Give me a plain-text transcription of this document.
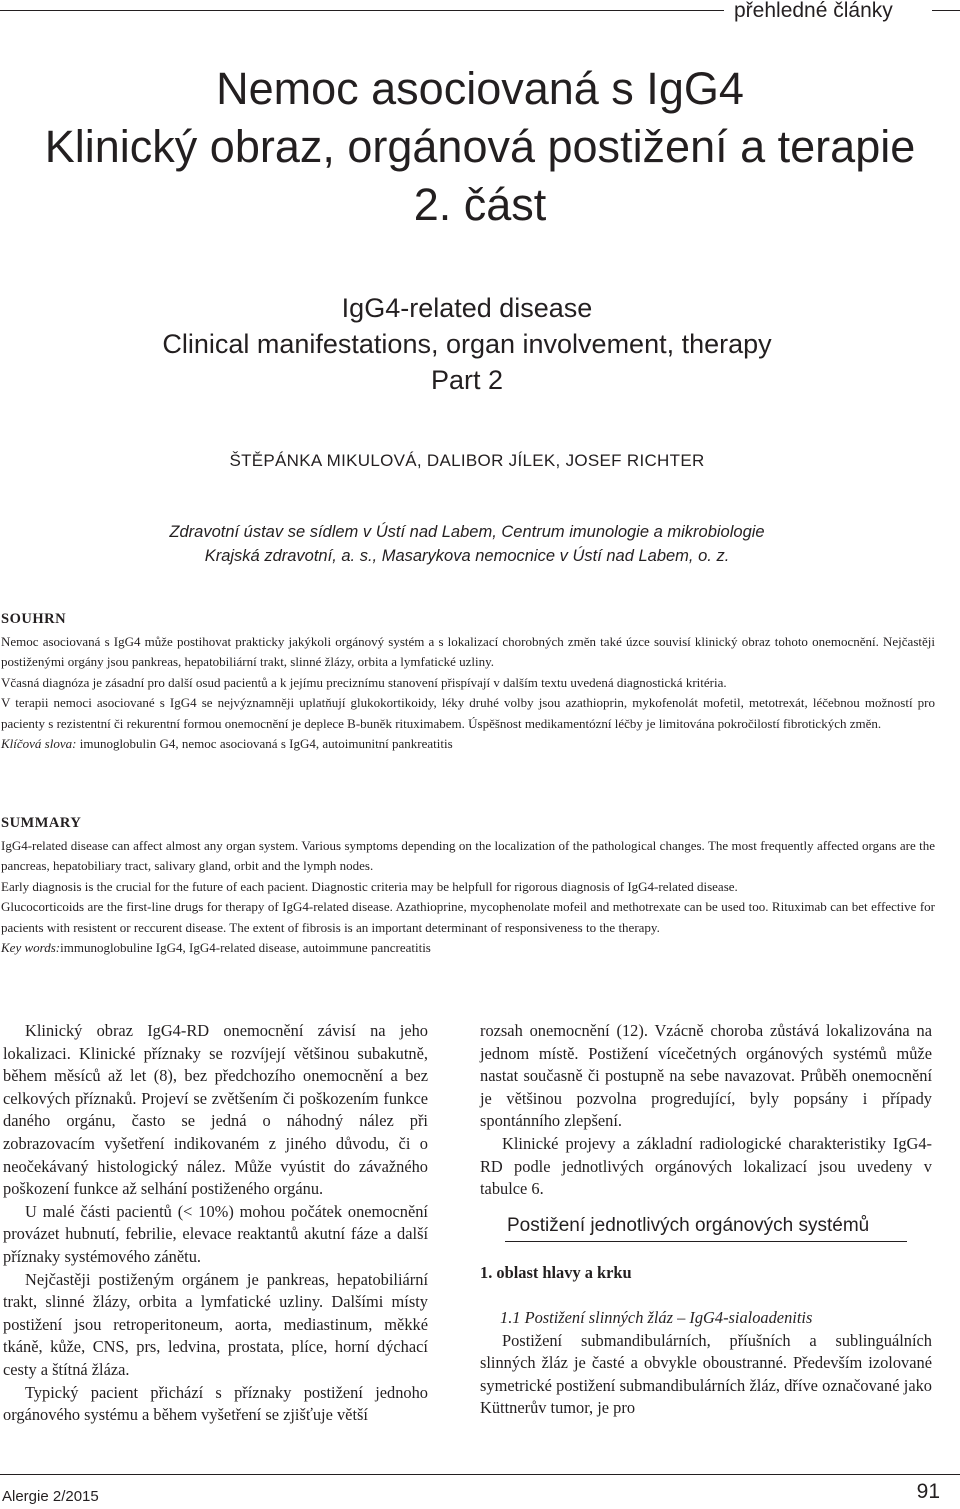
přehledné články

Nemoc asociovaná s IgG4

Klinický obraz, orgánová postižení a terapie

2. část

IgG4-related disease

Clinical manifestations, organ involvement, therapy

Part 2

ŠTĚPÁNKA MIKULOVÁ, DALIBOR JÍLEK, JOSEF RICHTER
Zdravotní ústav se sídlem v Ústí nad Labem, Centrum imunologie a mikrobiologie
Krajská zdravotní, a. s., Masarykova nemocnice v Ústí nad Labem, o. z.
SOUHRN

Nemoc asociovaná s IgG4 může postihovat prakticky jakýkoli orgánový systém a s lokalizací chorobných změn také úzce souvisí klinický obraz tohoto onemocnění. Nejčastěji postiženými orgány jsou pankreas, hepatobiliární trakt, slinné žlázy, orbita a lymfatické uzliny.

Včasná diagnóza je zásadní pro další osud pacientů a k jejímu preciznímu stanovení přispívají v dalším textu uvedená diagnostická kritéria.

V terapii nemoci asociované s IgG4 se nejvýznamněji uplatňují glukokortikoidy, léky druhé volby jsou azathioprin, mykofenolát mofetil, metotrexát, léčebnou možností pro pacienty s rezistentní či rekurentní formou onemocnění je deplece B-buněk rituximabem. Úspěšnost medikamentózní léčby je limitována pokročilostí fibrotických změn.

Klíčová slova: imunoglobulin G4, nemoc asociovaná s IgG4, autoimunitní pankreatitis

SUMMARY

IgG4-related disease can affect almost any organ system. Various symptoms depending on the localization of the pathological changes. The most frequently affected organs are the pancreas, hepatobiliary tract, salivary gland, orbit and the lymph nodes.

Early diagnosis is the crucial for the future of each pacient. Diagnostic criteria may be helpfull for rigorous diagnosis of IgG4-related disease.

Glucocorticoids are the first-line drugs for therapy of IgG4-related disease. Azathioprine, mycophenolate mofeil and methotrexate can be used too. Rituximab can bet effective for pacients with resistent or reccurent disease. The extent of fibrosis is an important determinant of responsiveness to the therapy.

Key words:immunoglobuline IgG4, IgG4-related disease, autoimmune pancreatitis

Klinický obraz IgG4-RD onemocnění závisí na jeho lokalizaci. Klinické příznaky se rozvíjejí většinou subakutně, během měsíců až let (8), bez předchozího onemocnění a bez celkových příznaků. Projeví se zvětšením či poškozením funkce daného orgánu, často se jedná o náhodný nález při zobrazovacím vyšetření indikovaném z jiného důvodu, či o neočekávaný histologický nález. Může vyústit do závažného poškození funkce až selhání postiženého orgánu.

U malé části pacientů (< 10%) mohou počátek onemocnění provázet hubnutí, febrilie, elevace reaktantů akutní fáze a další příznaky systémového zánětu.

Nejčastěji postiženým orgánem je pankreas, hepatobiliární trakt, slinné žlázy, orbita a lymfatické uzliny. Dalšími místy postižení jsou retroperitoneum, aorta, mediastinum, měkké tkáně, kůže, CNS, prs, ledvina, prostata, plíce, horní dýchací cesty a štítná žláza.

Typický pacient přichází s příznaky postižení jednoho orgánového systému a během vyšetření se zjišťuje větší

rozsah onemocnění (12). Vzácně choroba zůstává lokalizována na jednom místě. Postižení vícečetných orgánových systémů může nastat současně či postupně na sebe navazovat. Průběh onemocnění je většinou pozvolna progredující, byly popsány i případy spontánního zlepšení.

Klinické projevy a základní radiologické charakteristiky IgG4-RD podle jednotlivých orgánových lokalizací jsou uvedeny v tabulce 6.

Postižení jednotlivých orgánových systémů
1. oblast hlavy a krku
1.1 Postižení slinných žláz – IgG4-sialoadenitis

Postižení submandibulárních, příušních a sublinguálních slinných žláz je časté a obvykle oboustranné. Především izolované symetrické postižení submandibulárních žláz, dříve označované jako Küttnerův tumor, je pro

Alergie 2/2015	91
